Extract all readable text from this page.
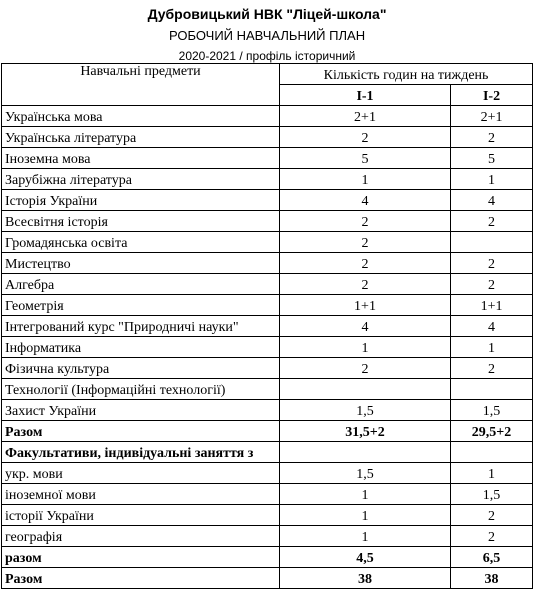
Дубровицький НВК "Ліцей-школа"		
РОБОЧИЙ НАВЧАЛЬНИЙ ПЛАН		
2020-2021 / профіль історичний		
Навчальні предмети	Кількість годин на тиждень	
	І-1	І-2
Українська мова	2+1	2+1
Українська література	2	2
Іноземна мова	5	5
Зарубіжна література	1	1
Історія України	4	4
Всесвітня історія	2	2
Громадянська освіта	2	
Мистецтво	2	2
Алгебра	2	2
Геометрія	1+1	1+1
Інтегрований курс "Природничі науки"	4	4
Інформатика	1	1
Фізична культура	2	2
Технології (Інформаційні технології)		
Захист України	1,5	1,5
Разом	31,5+2	29,5+2
Факультативи, індивідуальні заняття з		
укр. мови	1,5	1
іноземної мови	1	1,5
історії України	1	2
географія	1	2
разом	4,5	6,5
Разом	38	38
